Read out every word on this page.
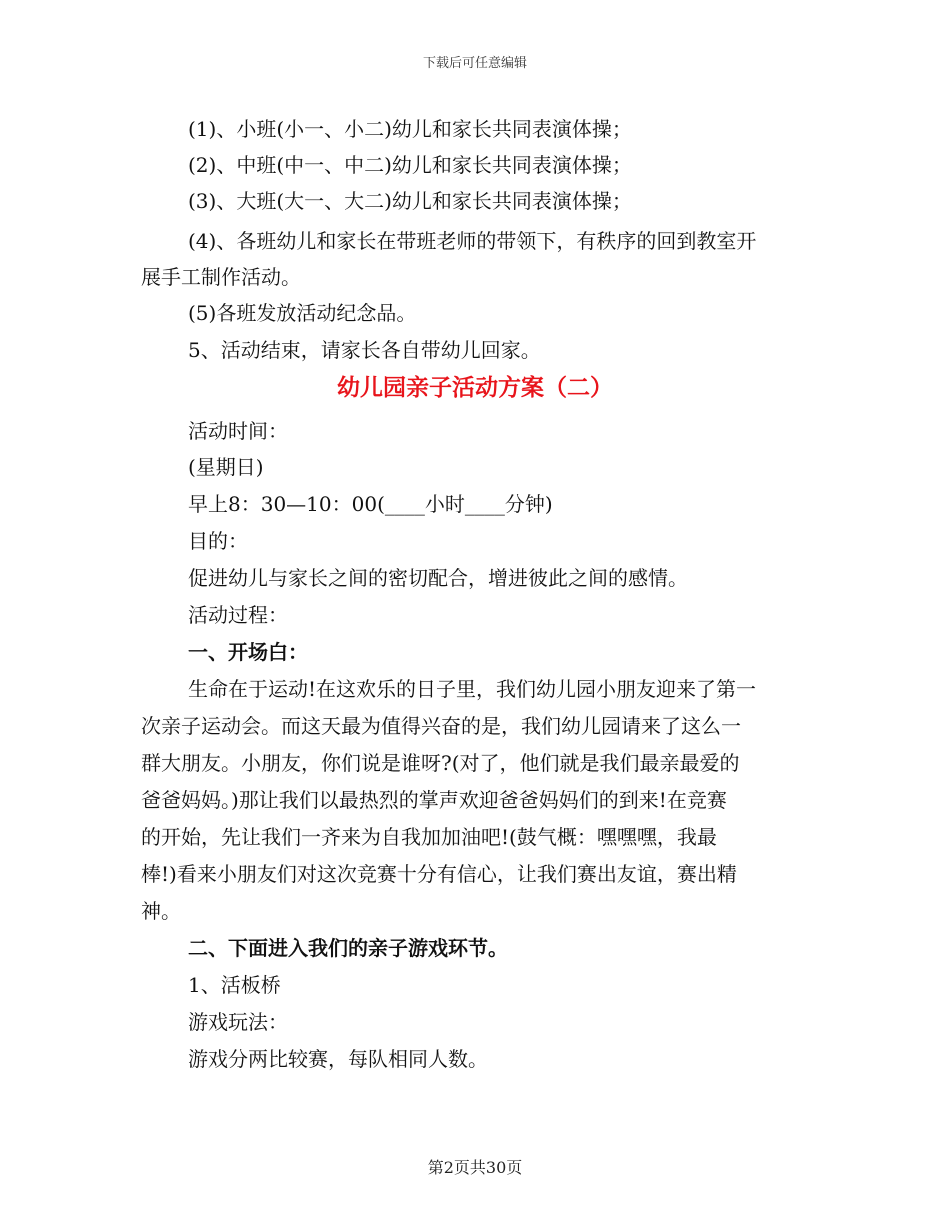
下载后可任意编辑
(1)、小班(小一、小二)幼儿和家长共同表演体操；
(2)、中班(中一、中二)幼儿和家长共同表演体操；
(3)、大班(大一、大二)幼儿和家长共同表演体操；
(4)、各班幼儿和家长在带班老师的带领下，有秩序的回到教室开
展手工制作活动。
(5)各班发放活动纪念品。
5、活动结束，请家长各自带幼儿回家。
幼儿园亲子活动方案（二）
活动时间：
(星期日)
早上8：30—10：00(____小时____分钟)
目的：
促进幼儿与家长之间的密切配合，增进彼此之间的感情。
活动过程：
一、开场白：
生命在于运动!在这欢乐的日子里，我们幼儿园小朋友迎来了第一
次亲子运动会。而这天最为值得兴奋的是，我们幼儿园请来了这么一
群大朋友。小朋友，你们说是谁呀?(对了，他们就是我们最亲最爱的
爸爸妈妈。)那让我们以最热烈的掌声欢迎爸爸妈妈们的到来!在竞赛
的开始，先让我们一齐来为自我加加油吧!(鼓气概：嘿嘿嘿，我最
棒!)看来小朋友们对这次竞赛十分有信心，让我们赛出友谊，赛出精
神。
二、下面进入我们的亲子游戏环节。
1、活板桥
游戏玩法：
游戏分两比较赛，每队相同人数。
第2页共30页
